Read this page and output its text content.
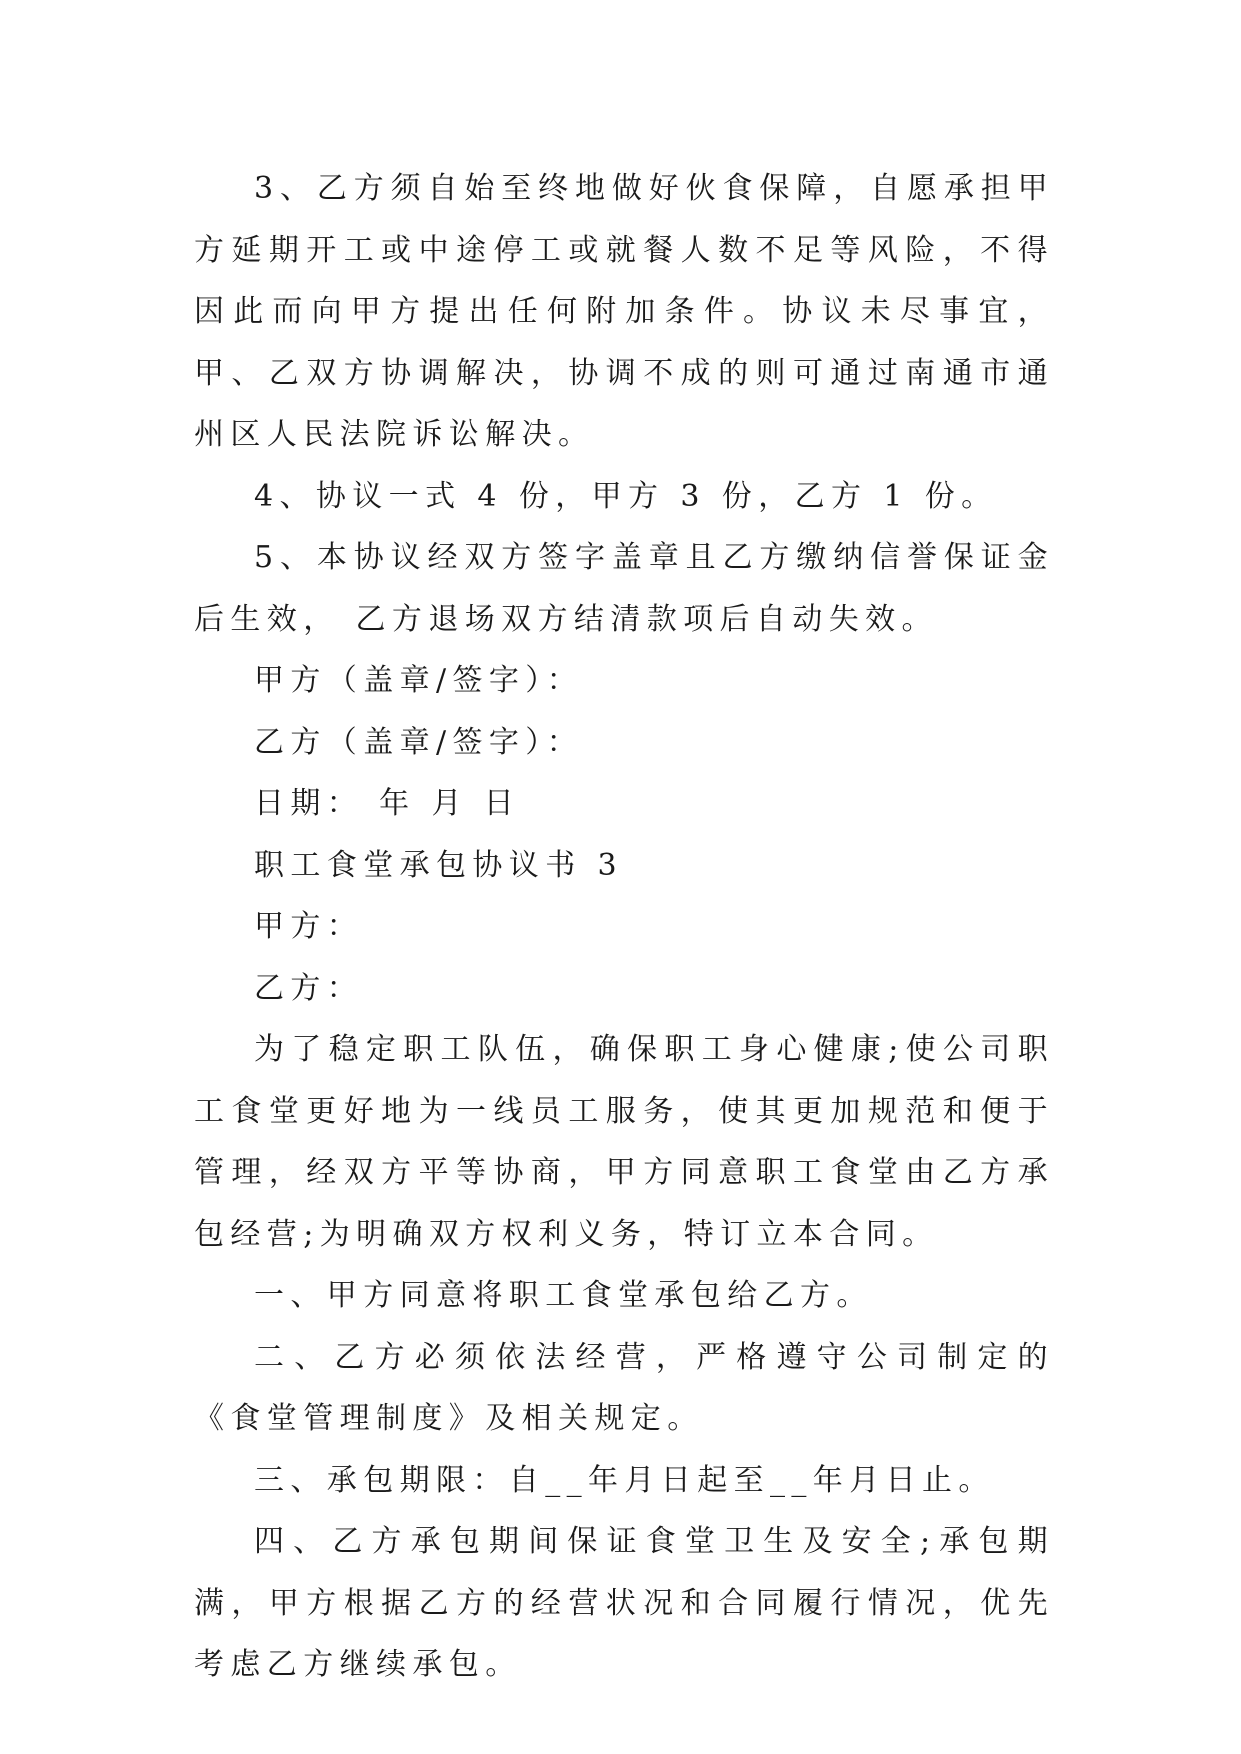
3、乙方须自始至终地做好伙食保障，自愿承担甲方延期开工或中途停工或就餐人数不足等风险，不得因此而向甲方提出任何附加条件。协议未尽事宜，甲、乙双方协调解决，协调不成的则可通过南通市通州区人民法院诉讼解决。

4、协议一式 4 份，甲方 3 份，乙方 1 份。

5、本协议经双方签字盖章且乙方缴纳信誉保证金后生效， 乙方退场双方结清款项后自动失效。

甲方（盖章/签字）：

乙方（盖章/签字）：

日期： 年 月 日

职工食堂承包协议书 3

甲方：

乙方：

为了稳定职工队伍，确保职工身心健康;使公司职工食堂更好地为一线员工服务，使其更加规范和便于管理，经双方平等协商，甲方同意职工食堂由乙方承包经营;为明确双方权利义务，特订立本合同。

一、甲方同意将职工食堂承包给乙方。

二、乙方必须依法经营，严格遵守公司制定的《食堂管理制度》及相关规定。

三、承包期限：自__年月日起至__年月日止。

四、乙方承包期间保证食堂卫生及安全;承包期满，甲方根据乙方的经营状况和合同履行情况，优先考虑乙方继续承包。
